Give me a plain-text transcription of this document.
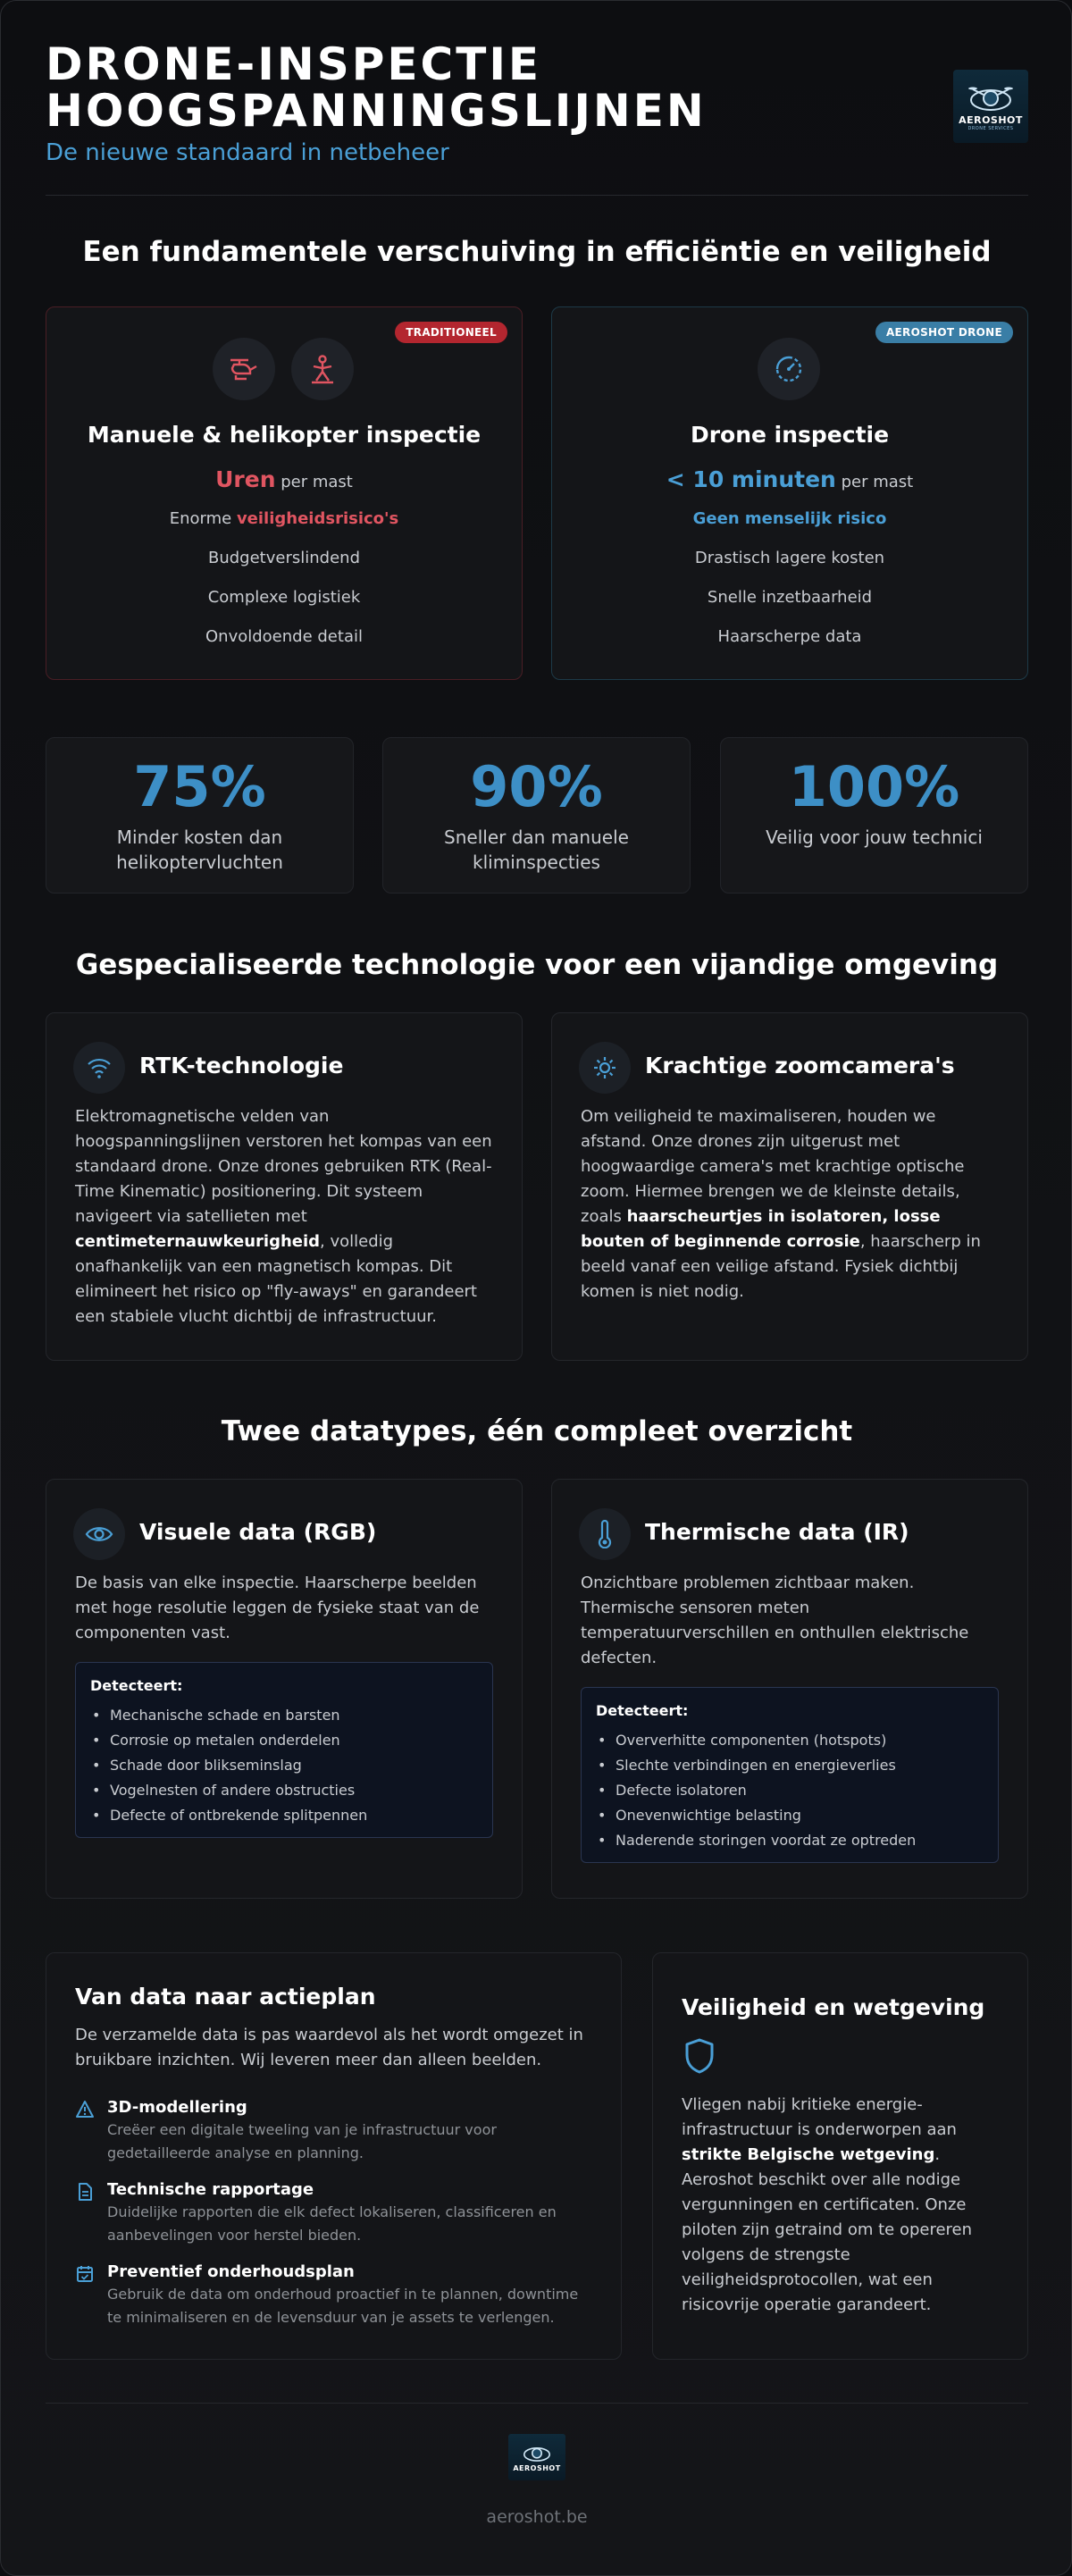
DRONE-INSPECTIE
HOOGSPANNINGSLIJNEN
De nieuwe standaard in netbeheer
AEROSHOT
DRONE SERVICES
Een fundamentele verschuiving in efficiëntie en veiligheid
TRADITIONEEL
Manuele & helikopter inspectie
Uren per mast
Enorme veiligheidsrisico's
Budgetverslindend
Complexe logistiek
Onvoldoende detail
AEROSHOT DRONE
Drone inspectie
< 10 minuten per mast
Geen menselijk risico
Drastisch lagere kosten
Snelle inzetbaarheid
Haarscherpe data
75%
Minder kosten dan helikoptervluchten
90%
Sneller dan manuele kliminspecties
100%
Veilig voor jouw technici
Gespecialiseerde technologie voor een vijandige omgeving
RTK-technologie
Elektromagnetische velden van hoogspanningslijnen verstoren het kompas van een standaard drone. Onze drones gebruiken RTK (Real-Time Kinematic) positionering. Dit systeem navigeert via satellieten met centimeternauwkeurigheid, volledig onafhankelijk van een magnetisch kompas. Dit elimineert het risico op "fly-aways" en garandeert een stabiele vlucht dichtbij de infrastructuur.
Krachtige zoomcamera's
Om veiligheid te maximaliseren, houden we afstand. Onze drones zijn uitgerust met hoogwaardige camera's met krachtige optische zoom. Hiermee brengen we de kleinste details, zoals haarscheurtjes in isolatoren, losse bouten of beginnende corrosie, haarscherp in beeld vanaf een veilige afstand. Fysiek dichtbij komen is niet nodig.
Twee datatypes, één compleet overzicht
Visuele data (RGB)
De basis van elke inspectie. Haarscherpe beelden met hoge resolutie leggen de fysieke staat van de componenten vast.
Detecteert:
• Mechanische schade en barsten
• Corrosie op metalen onderdelen
• Schade door blikseminslag
• Vogelnesten of andere obstructies
• Defecte of ontbrekende splitpennen
Thermische data (IR)
Onzichtbare problemen zichtbaar maken. Thermische sensoren meten temperatuurverschillen en onthullen elektrische defecten.
Detecteert:
• Oververhitte componenten (hotspots)
• Slechte verbindingen en energieverlies
• Defecte isolatoren
• Onevenwichtige belasting
• Naderende storingen voordat ze optreden
Van data naar actieplan
De verzamelde data is pas waardevol als het wordt omgezet in bruikbare inzichten. Wij leveren meer dan alleen beelden.
3D-modellering
Creëer een digitale tweeling van je infrastructuur voor gedetailleerde analyse en planning.
Technische rapportage
Duidelijke rapporten die elk defect lokaliseren, classificeren en aanbevelingen voor herstel bieden.
Preventief onderhoudsplan
Gebruik de data om onderhoud proactief in te plannen, downtime te minimaliseren en de levensduur van je assets te verlengen.
Veiligheid en wetgeving
Vliegen nabij kritieke energie-infrastructuur is onderworpen aan strikte Belgische wetgeving. Aeroshot beschikt over alle nodige vergunningen en certificaten. Onze piloten zijn getraind om te opereren volgens de strengste veiligheidsprotocollen, wat een risicovrije operatie garandeert.
AEROSHOT
aeroshot.be
